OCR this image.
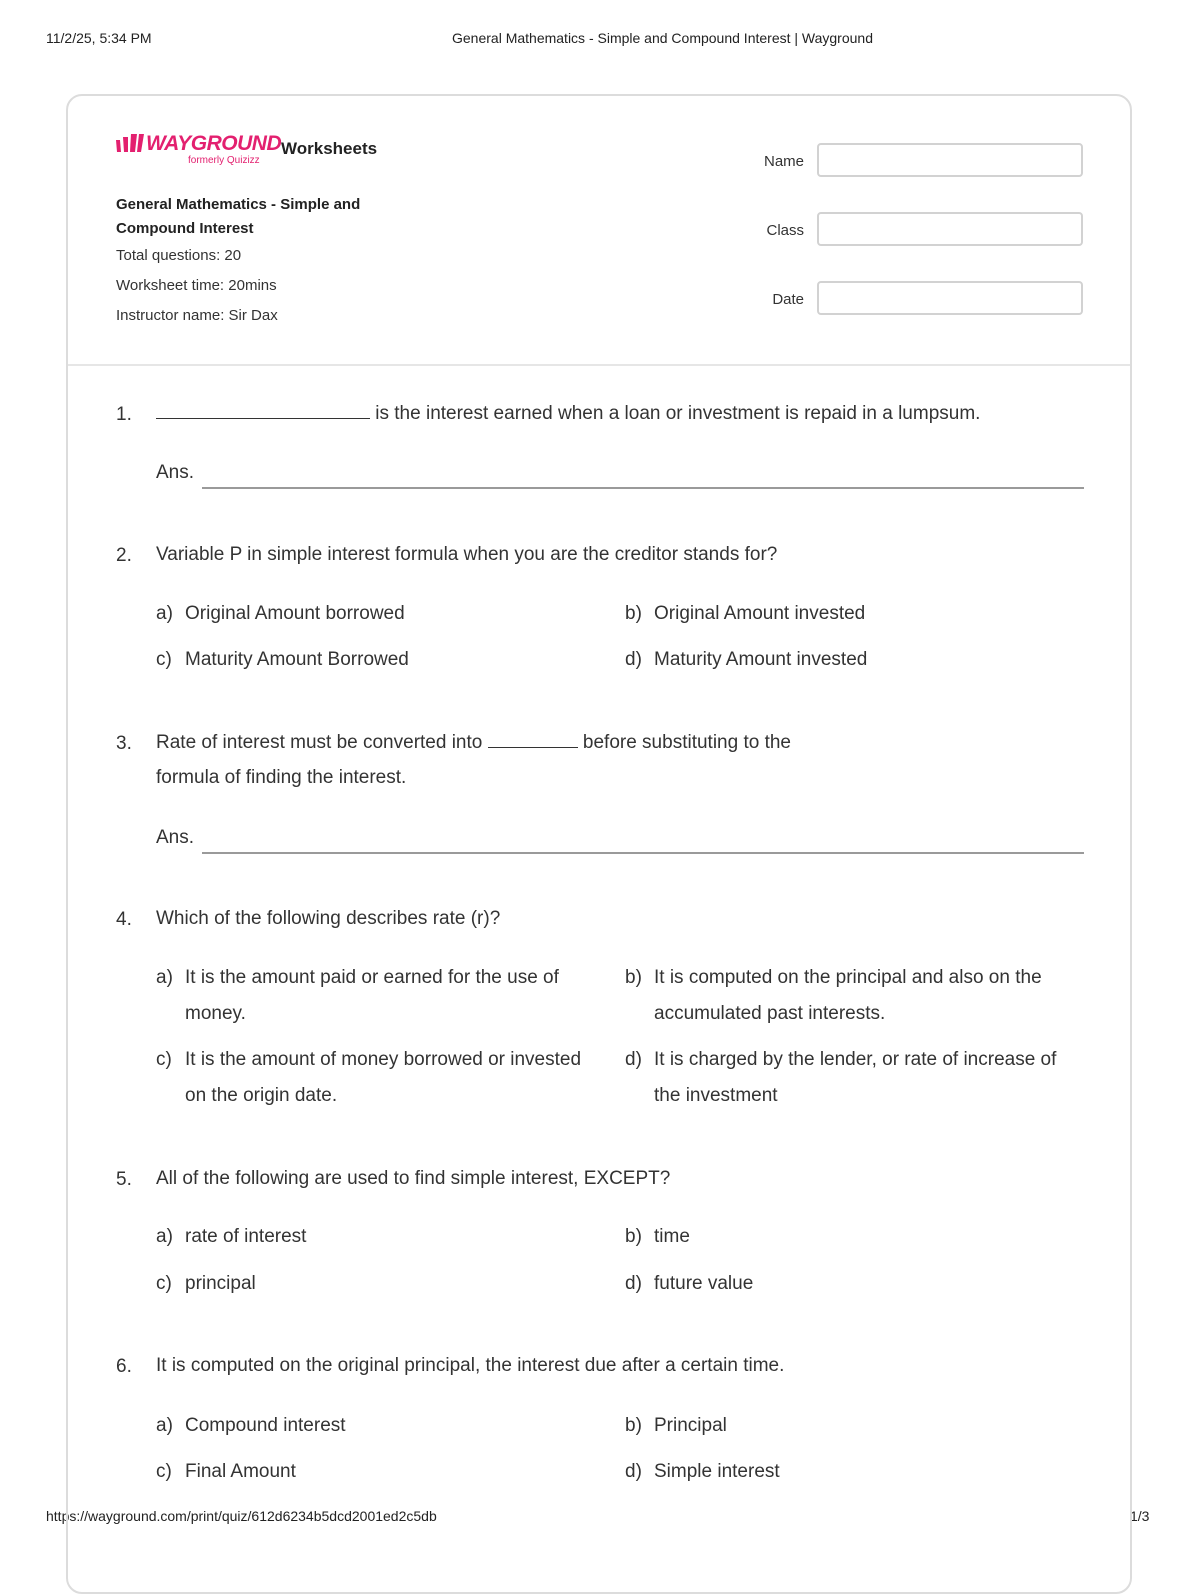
11/2/25, 5:34 PM	General Mathematics - Simple and Compound Interest | Wayground
https://wayground.com/print/quiz/612d6234b5dcd2001ed2c5db	1/3
WAYGROUND
formerly Quizizz
Worksheets
General Mathematics - Simple and
Compound Interest
Total questions: 20
Worksheet time: 20mins
Instructor name: Sir Dax
Name
Class
Date
1.	is the interest earned when a loan or investment is repaid in a lumpsum.
Ans.
2. Variable P in simple interest formula when you are the creditor stands for?
a) Original Amount borrowed	b) Original Amount invested
c) Maturity Amount Borrowed	d) Maturity Amount invested
3. Rate of interest must be converted into	before substituting to the
formula of finding the interest.
Ans.
4. Which of the following describes rate (r)?
a) It is the amount paid or earned for the use of
money.
b) It is computed on the principal and also on the
accumulated past interests.
c) It is the amount of money borrowed or invested
on the origin date.
d) It is charged by the lender, or rate of increase of
the investment
5. All of the following are used to find simple interest, EXCEPT?
a) rate of interest	b) time
c) principal	d) future value
6. It is computed on the original principal, the interest due after a certain time.
a) Compound interest	b) Principal
c) Final Amount	d) Simple interest
